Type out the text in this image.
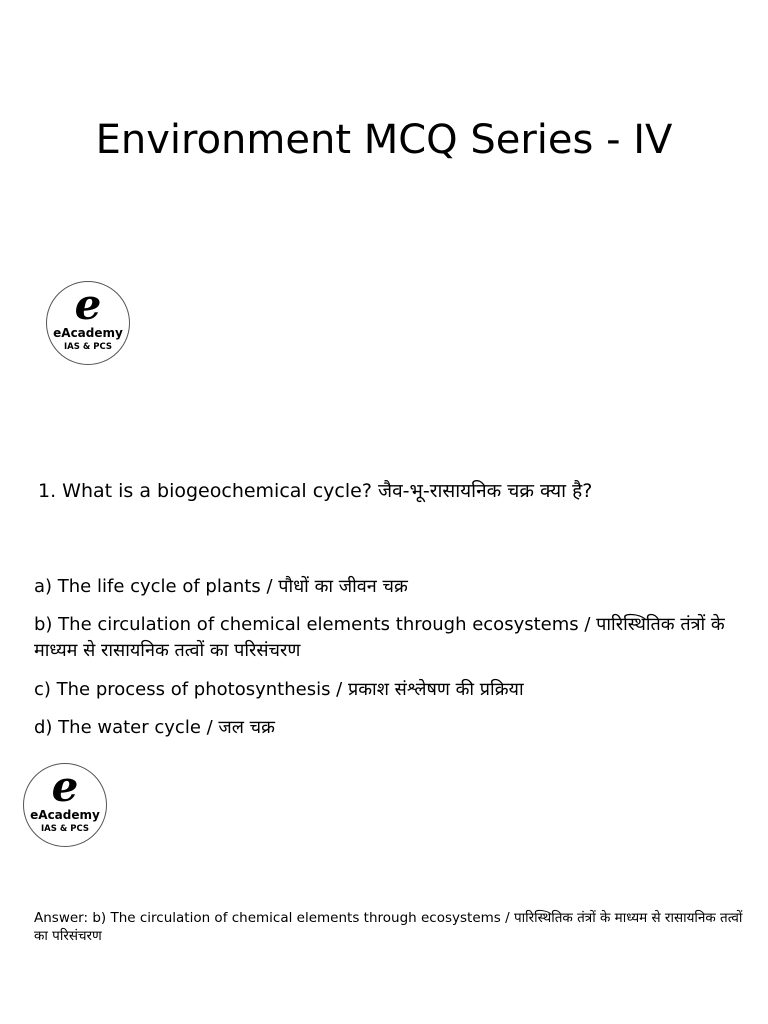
Environment MCQ Series - IV
e
eAcademy
IAS & PCS
1. What is a biogeochemical cycle? जैव-भू-रासायनिक चक्र क्या है?
a) The life cycle of plants / पौधों का जीवन चक्र
b) The circulation of chemical elements through ecosystems / पारिस्थितिक तंत्रों के माध्यम से रासायनिक तत्वों का परिसंचरण
c) The process of photosynthesis / प्रकाश संश्लेषण की प्रक्रिया
d) The water cycle / जल चक्र
e
eAcademy
IAS & PCS
Answer: b) The circulation of chemical elements through ecosystems / पारिस्थितिक तंत्रों के माध्यम से रासायनिक तत्वों का परिसंचरण
